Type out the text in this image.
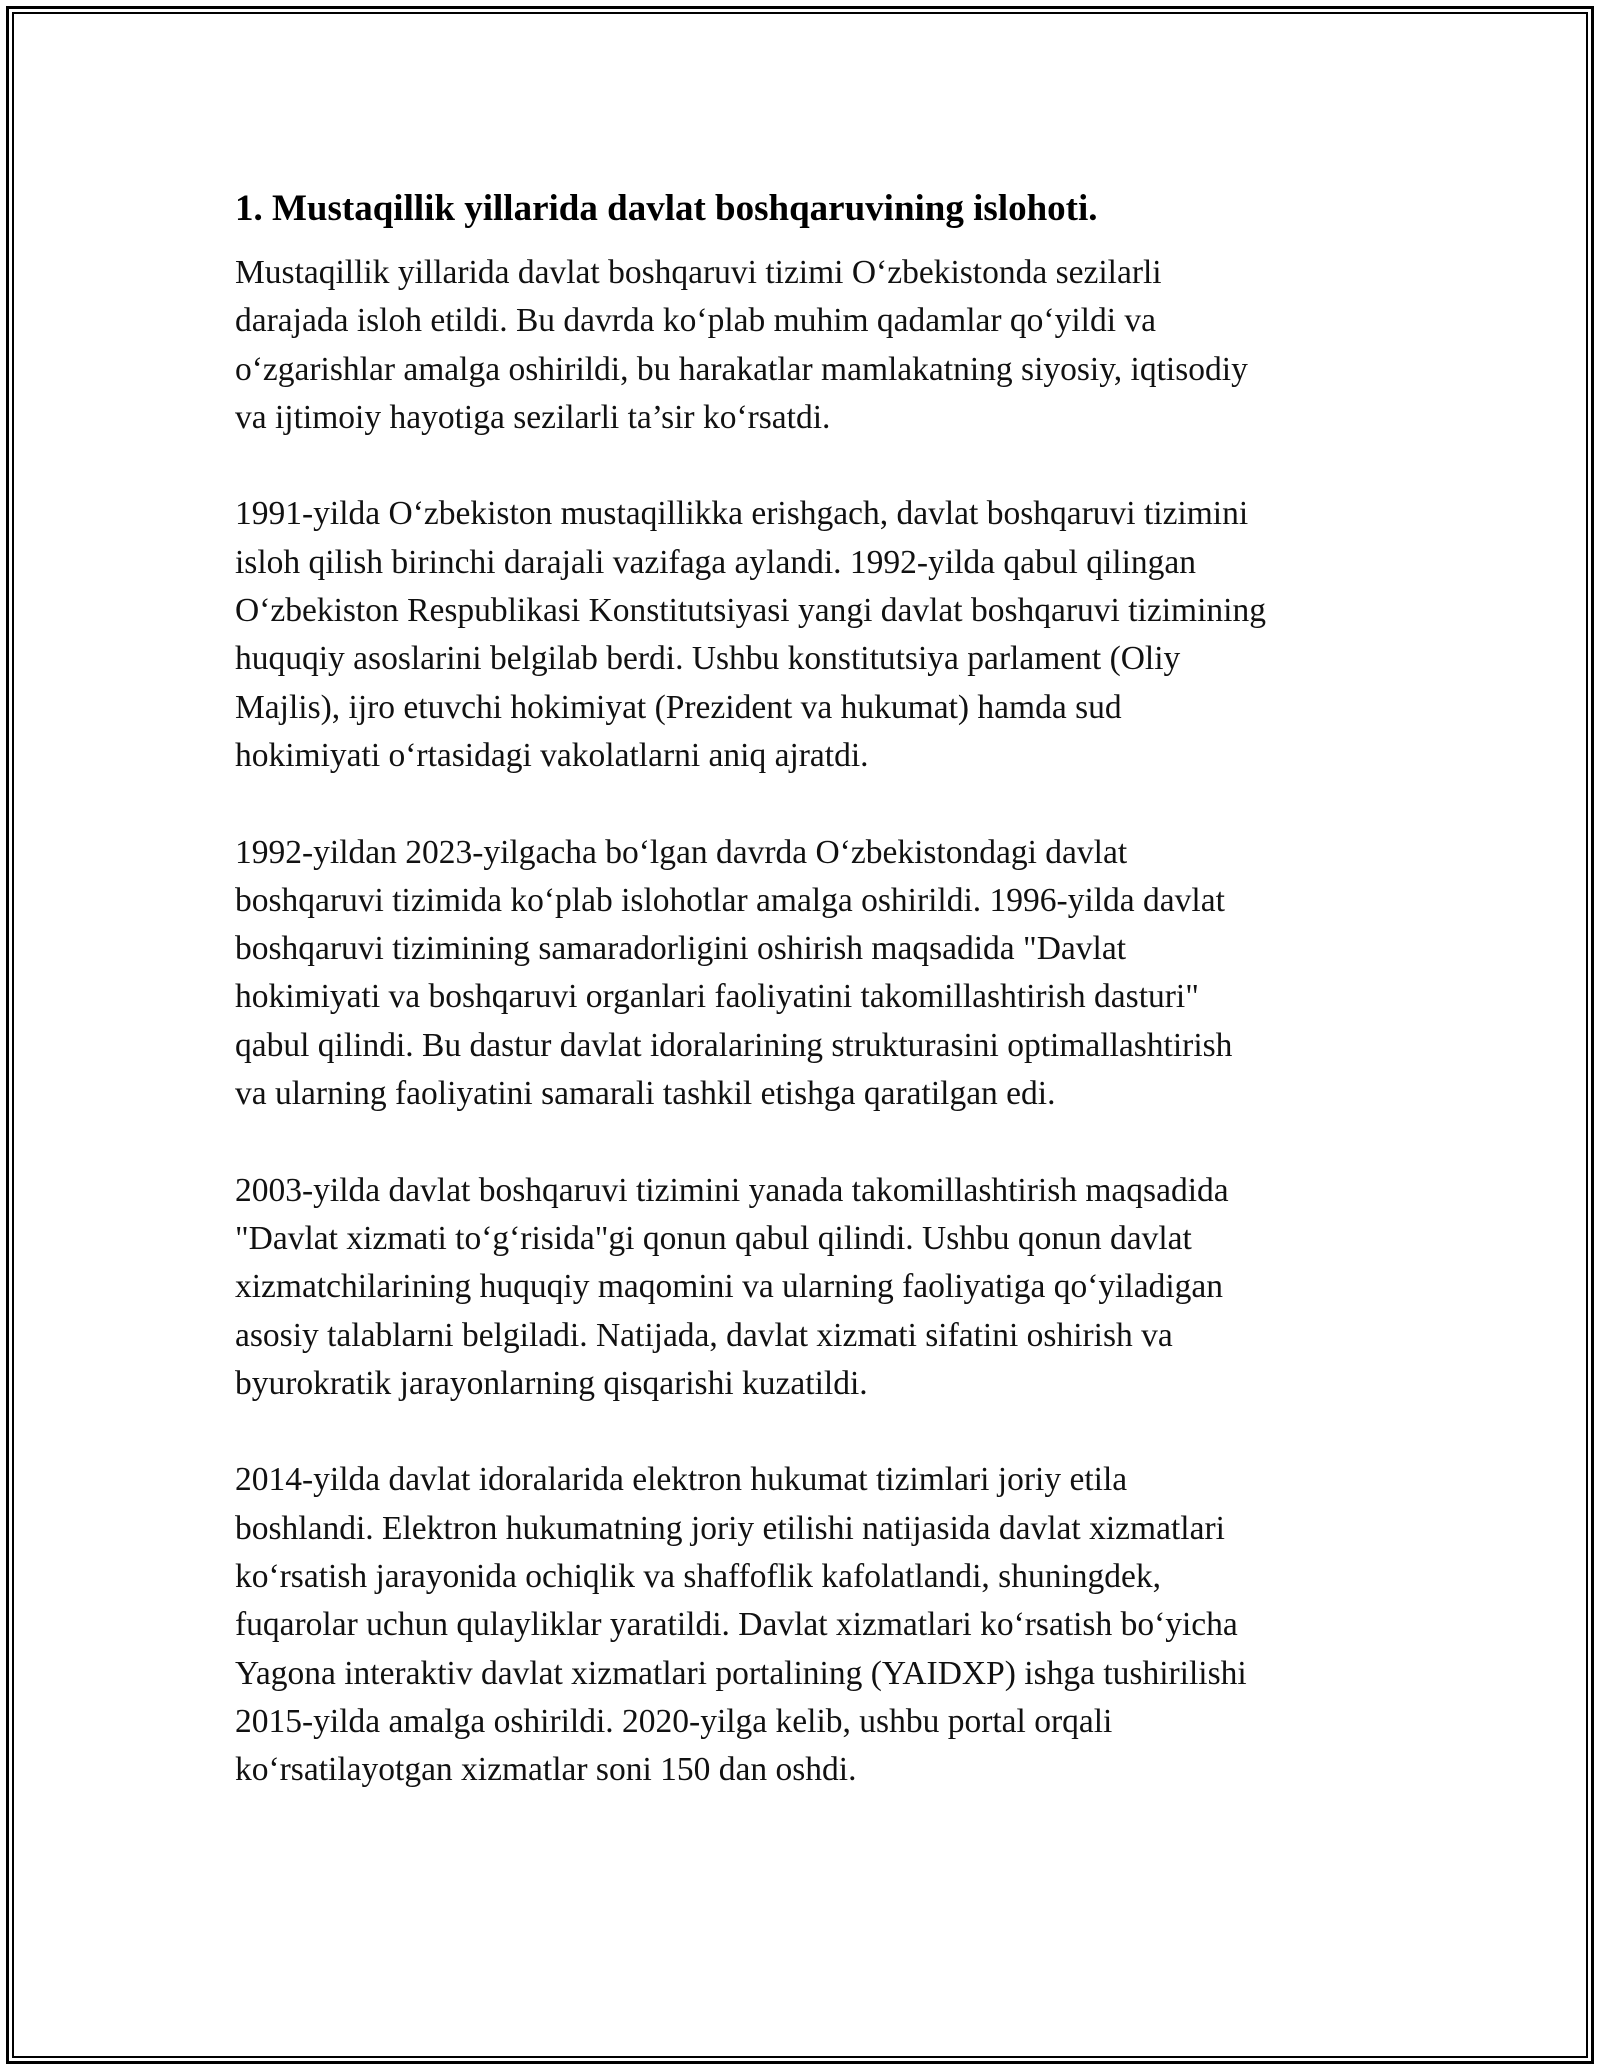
1. Mustaqillik yillarida davlat boshqaruvining islohoti.

Mustaqillik yillarida davlat boshqaruvi tizimi O‘zbekistonda sezilarli
darajada isloh etildi. Bu davrda ko‘plab muhim qadamlar qo‘yildi va
o‘zgarishlar amalga oshirildi, bu harakatlar mamlakatning siyosiy, iqtisodiy
va ijtimoiy hayotiga sezilarli ta’sir ko‘rsatdi.

1991-yilda O‘zbekiston mustaqillikka erishgach, davlat boshqaruvi tizimini
isloh qilish birinchi darajali vazifaga aylandi. 1992-yilda qabul qilingan
O‘zbekiston Respublikasi Konstitutsiyasi yangi davlat boshqaruvi tizimining
huquqiy asoslarini belgilab berdi. Ushbu konstitutsiya parlament (Oliy
Majlis), ijro etuvchi hokimiyat (Prezident va hukumat) hamda sud
hokimiyati o‘rtasidagi vakolatlarni aniq ajratdi.

1992-yildan 2023-yilgacha bo‘lgan davrda O‘zbekistondagi davlat
boshqaruvi tizimida ko‘plab islohotlar amalga oshirildi. 1996-yilda davlat
boshqaruvi tizimining samaradorligini oshirish maqsadida "Davlat
hokimiyati va boshqaruvi organlari faoliyatini takomillashtirish dasturi"
qabul qilindi. Bu dastur davlat idoralarining strukturasini optimallashtirish
va ularning faoliyatini samarali tashkil etishga qaratilgan edi.

2003-yilda davlat boshqaruvi tizimini yanada takomillashtirish maqsadida
"Davlat xizmati to‘g‘risida"gi qonun qabul qilindi. Ushbu qonun davlat
xizmatchilarining huquqiy maqomini va ularning faoliyatiga qo‘yiladigan
asosiy talablarni belgiladi. Natijada, davlat xizmati sifatini oshirish va
byurokratik jarayonlarning qisqarishi kuzatildi.

2014-yilda davlat idoralarida elektron hukumat tizimlari joriy etila
boshlandi. Elektron hukumatning joriy etilishi natijasida davlat xizmatlari
ko‘rsatish jarayonida ochiqlik va shaffoflik kafolatlandi, shuningdek,
fuqarolar uchun qulayliklar yaratildi. Davlat xizmatlari ko‘rsatish bo‘yicha
Yagona interaktiv davlat xizmatlari portalining (YAIDXP) ishga tushirilishi
2015-yilda amalga oshirildi. 2020-yilga kelib, ushbu portal orqali
ko‘rsatilayotgan xizmatlar soni 150 dan oshdi.
